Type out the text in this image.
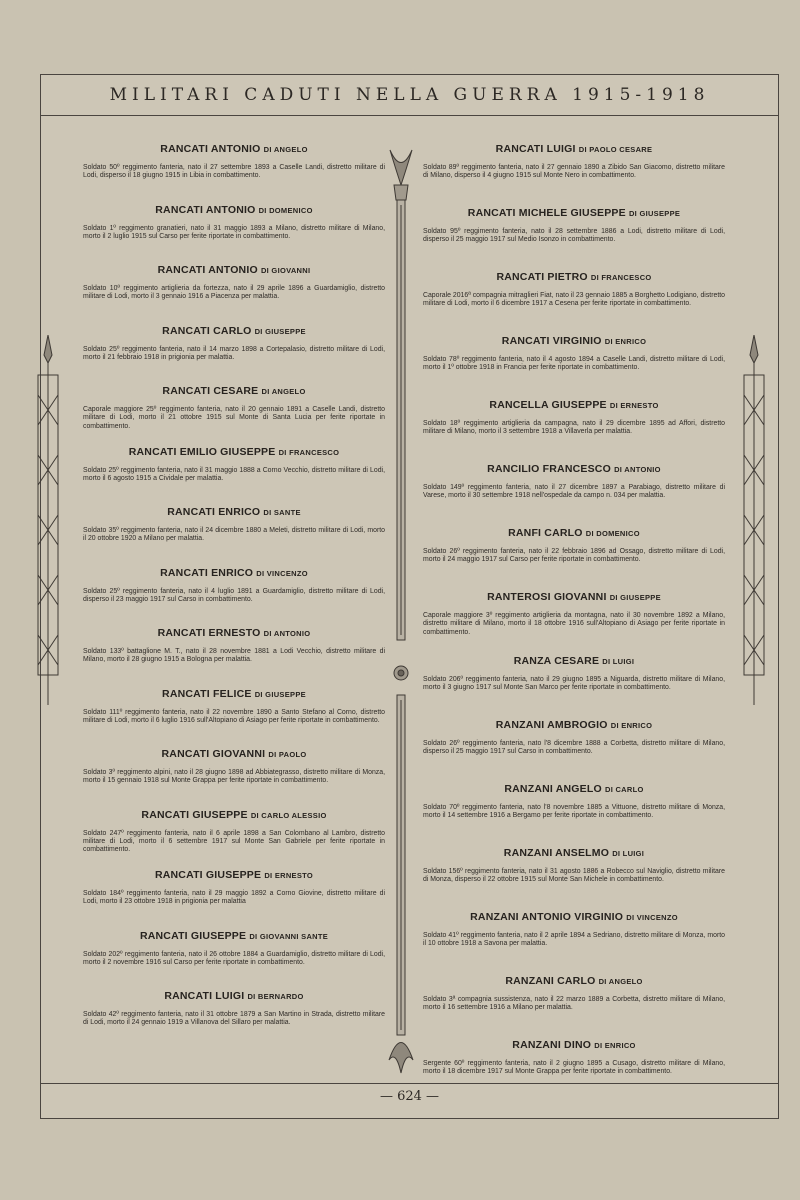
MILITARI CADUTI NELLA GUERRA 1915-1918
RANCATI ANTONIO DI ANGELO
Soldato 50º reggimento fanteria, nato il 27 settembre 1893 a Caselle Landi, distretto militare di Lodi, disperso il 18 giugno 1915 in Libia in combattimento.
RANCATI ANTONIO DI DOMENICO
Soldato 1º reggimento granatieri, nato il 31 maggio 1893 a Milano, distretto militare di Milano, morto il 2 luglio 1915 sul Carso per ferite riportate in combattimento.
RANCATI ANTONIO DI GIOVANNI
Soldato 10º reggimento artiglieria da fortezza, nato il 29 aprile 1896 a Guardamiglio, distretto militare di Lodi, morto il 3 gennaio 1916 a Piacenza per malattia.
RANCATI CARLO DI GIUSEPPE
Soldato 25º reggimento fanteria, nato il 14 marzo 1898 a Cortepalasio, distretto militare di Lodi, morto il 21 febbraio 1918 in prigionia per malattia.
RANCATI CESARE DI ANGELO
Caporale maggiore 25º reggimento fanteria, nato il 20 gennaio 1891 a Caselle Landi, distretto militare di Lodi, morto il 21 ottobre 1915 sul Monte di Santa Lucia per ferite riportate in combattimento.
RANCATI EMILIO GIUSEPPE DI FRANCESCO
Soldato 25º reggimento fanteria, nato il 31 maggio 1888 a Corno Vecchio, distretto militare di Lodi, morto il 6 agosto 1915 a Cividale per malattia.
RANCATI ENRICO DI SANTE
Soldato 35º reggimento fanteria, nato il 24 dicembre 1880 a Meleti, distretto militare di Lodi, morto il 20 ottobre 1920 a Milano per malattia.
RANCATI ENRICO DI VINCENZO
Soldato 25º reggimento fanteria, nato il 4 luglio 1891 a Guardamiglio, distretto militare di Lodi, disperso il 23 maggio 1917 sul Carso in combattimento.
RANCATI ERNESTO DI ANTONIO
Soldato 133º battaglione M. T., nato il 28 novembre 1881 a Lodi Vecchio, distretto militare di Milano, morto il 28 giugno 1915 a Bologna per malattia.
RANCATI FELICE DI GIUSEPPE
Soldato 111º reggimento fanteria, nato il 22 novembre 1890 a Santo Stefano al Corno, distretto militare di Lodi, morto il 6 luglio 1916 sull'Altopiano di Asiago per ferite riportate in combattimento.
RANCATI GIOVANNI DI PAOLO
Soldato 3º reggimento alpini, nato il 28 giugno 1898 ad Abbiategrasso, distretto militare di Monza, morto il 15 gennaio 1918 sul Monte Grappa per ferite riportate in combattimento.
RANCATI GIUSEPPE DI CARLO ALESSIO
Soldato 247º reggimento fanteria, nato il 6 aprile 1898 a San Colombano al Lambro, distretto militare di Lodi, morto il 6 settembre 1917 sul Monte San Gabriele per ferite riportate in combattimento.
RANCATI GIUSEPPE DI ERNESTO
Soldato 184º reggimento fanteria, nato il 29 maggio 1892 a Corno Giovine, distretto militare di Lodi, morto il 23 ottobre 1918 in prigionia per malattia
RANCATI GIUSEPPE DI GIOVANNI SANTE
Soldato 202º reggimento fanteria, nato il 26 ottobre 1884 a Guardamiglio, distretto militare di Lodi, morto il 2 novembre 1916 sul Carso per ferite riportate in combattimento.
RANCATI LUIGI DI BERNARDO
Soldato 42º reggimento fanteria, nato il 31 ottobre 1879 a San Martino in Strada, distretto militare di Lodi, morto il 24 gennaio 1919 a Villanova del Sillaro per malattia.
RANCATI LUIGI DI PAOLO CESARE
Soldato 89º reggimento fanteria, nato il 27 gennaio 1890 a Zibido San Giacomo, distretto militare di Milano, disperso il 4 giugno 1915 sul Monte Nero in combattimento.
RANCATI MICHELE GIUSEPPE DI GIUSEPPE
Soldato 95º reggimento fanteria, nato il 28 settembre 1886 a Lodi, distretto militare di Lodi, disperso il 25 maggio 1917 sul Medio Isonzo in combattimento.
RANCATI PIETRO DI FRANCESCO
Caporale 2016ª compagnia mitraglieri Fiat, nato il 23 gennaio 1885 a Borghetto Lodigiano, distretto militare di Lodi, morto il 6 dicembre 1917 a Cesena per ferite riportate in combattimento.
RANCATI VIRGINIO DI ENRICO
Soldato 78º reggimento fanteria, nato il 4 agosto 1894 a Caselle Landi, distretto militare di Lodi, morto il 1º ottobre 1918 in Francia per ferite riportate in combattimento.
RANCELLA GIUSEPPE DI ERNESTO
Soldato 18º reggimento artiglieria da campagna, nato il 29 dicembre 1895 ad Affori, distretto militare di Milano, morto il 3 settembre 1918 a Villaverla per malattia.
RANCILIO FRANCESCO DI ANTONIO
Soldato 149º reggimento fanteria, nato il 27 dicembre 1897 a Parabiago, distretto militare di Varese, morto il 30 settembre 1918 nell'ospedale da campo n. 034 per malattia.
RANFI CARLO DI DOMENICO
Soldato 26º reggimento fanteria, nato il 22 febbraio 1896 ad Ossago, distretto militare di Lodi, morto il 24 maggio 1917 sul Carso per ferite riportate in combattimento.
RANTEROSI GIOVANNI DI GIUSEPPE
Caporale maggiore 3º reggimento artiglieria da montagna, nato il 30 novembre 1892 a Milano, distretto militare di Milano, morto il 18 ottobre 1916 sull'Altopiano di Asiago per ferite riportate in combattimento.
RANZA CESARE DI LUIGI
Soldato 206º reggimento fanteria, nato il 29 giugno 1895 a Niguarda, distretto militare di Milano, morto il 3 giugno 1917 sul Monte San Marco per ferite riportate in combattimento.
RANZANI AMBROGIO DI ENRICO
Soldato 26º reggimento fanteria, nato l'8 dicembre 1888 a Corbetta, distretto militare di Milano, disperso il 25 maggio 1917 sul Carso in combattimento.
RANZANI ANGELO DI CARLO
Soldato 70º reggimento fanteria, nato l'8 novembre 1885 a Vittuone, distretto militare di Monza, morto il 14 settembre 1916 a Bergamo per ferite riportate in combattimento.
RANZANI ANSELMO DI LUIGI
Soldato 156º reggimento fanteria, nato il 31 agosto 1886 a Robecco sul Naviglio, distretto militare di Monza, disperso il 22 ottobre 1915 sul Monte San Michele in combattimento.
RANZANI ANTONIO VIRGINIO DI VINCENZO
Soldato 41º reggimento fanteria, nato il 2 aprile 1894 a Sedriano, distretto militare di Monza, morto il 10 ottobre 1918 a Savona per malattia.
RANZANI CARLO DI ANGELO
Soldato 3ª compagnia sussistenza, nato il 22 marzo 1889 a Corbetta, distretto militare di Milano, morto il 16 settembre 1916 a Milano per malattia.
RANZANI DINO DI ENRICO
Sergente 60º reggimento fanteria, nato il 2 giugno 1895 a Cusago, distretto militare di Milano, morto il 18 dicembre 1917 sul Monte Grappa per ferite riportate in combattimento.
— 624 —
